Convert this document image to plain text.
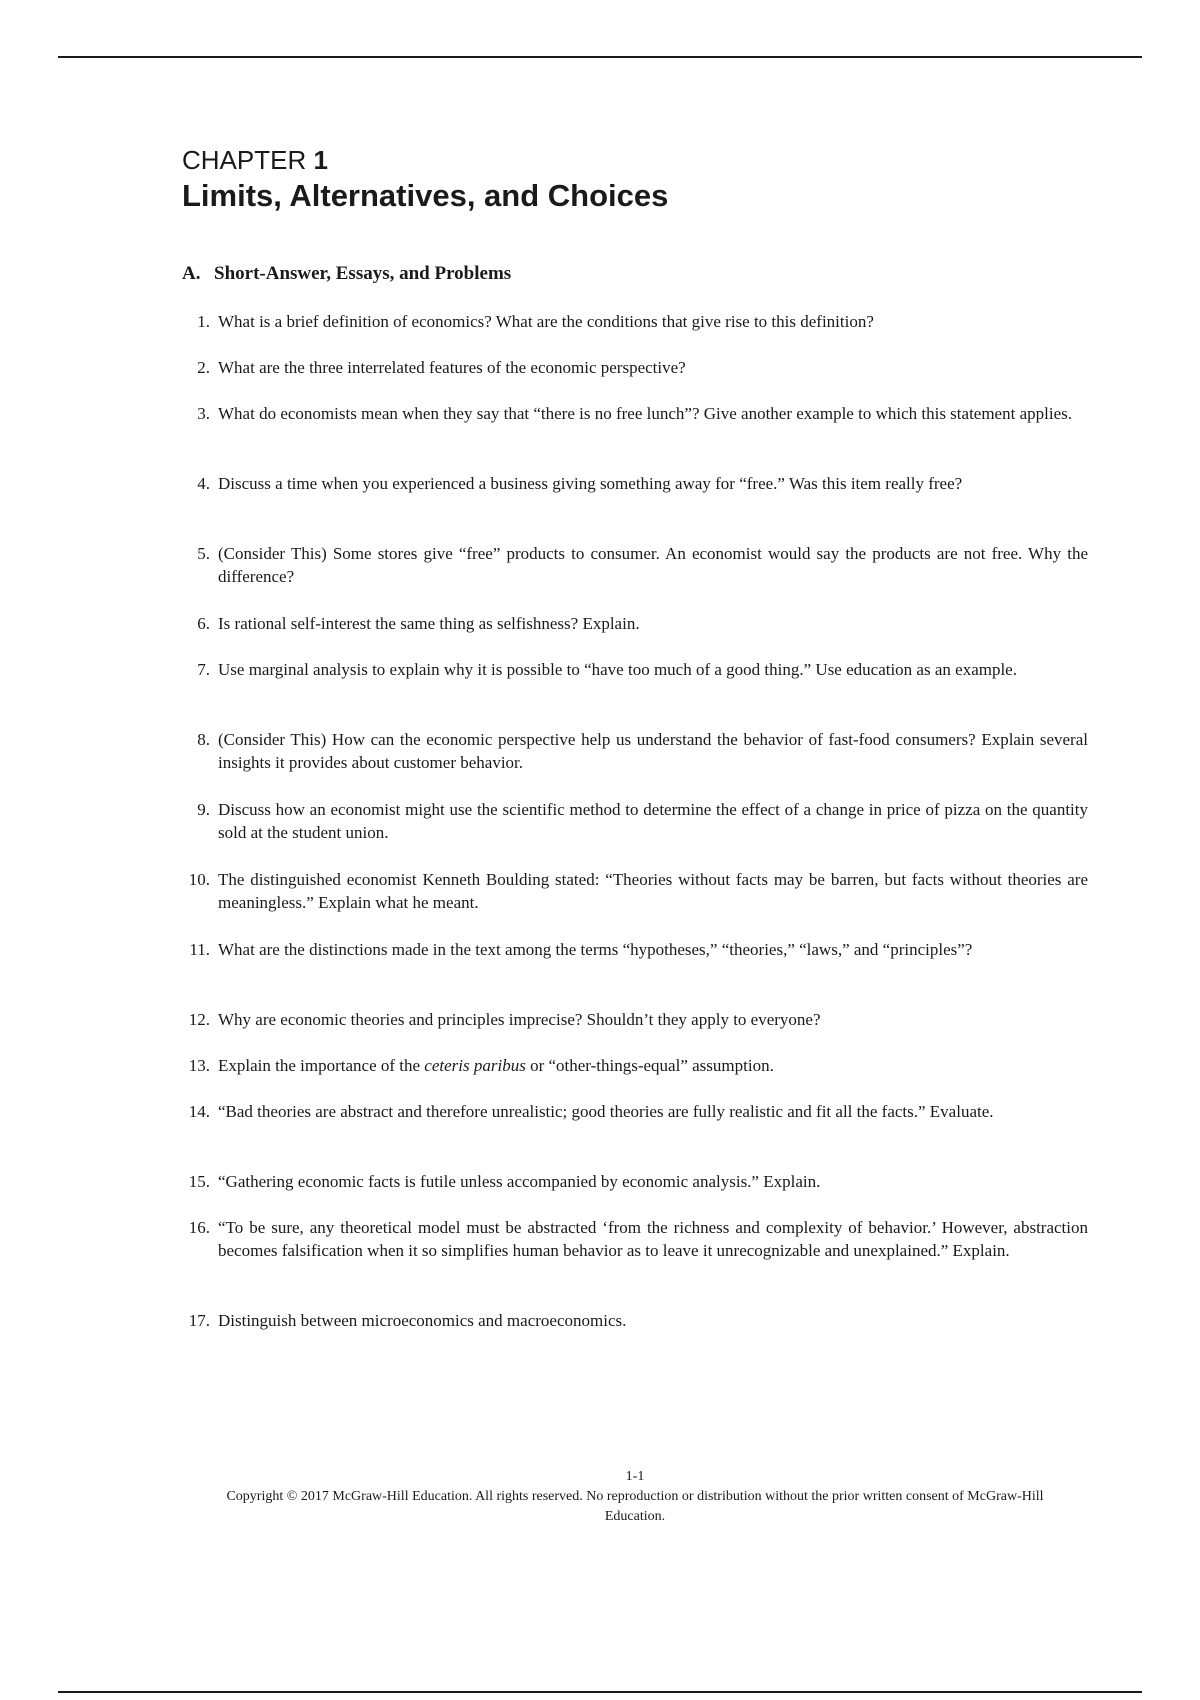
CHAPTER 1
Limits, Alternatives, and Choices
A. Short-Answer, Essays, and Problems
1. What is a brief definition of economics? What are the conditions that give rise to this definition?
2. What are the three interrelated features of the economic perspective?
3. What do economists mean when they say that “there is no free lunch”? Give another example to which this statement applies.
4. Discuss a time when you experienced a business giving something away for “free.” Was this item really free?
5. (Consider This) Some stores give “free” products to consumer. An economist would say the products are not free. Why the difference?
6. Is rational self-interest the same thing as selfishness? Explain.
7. Use marginal analysis to explain why it is possible to “have too much of a good thing.” Use education as an example.
8. (Consider This) How can the economic perspective help us understand the behavior of fast-food consumers? Explain several insights it provides about customer behavior.
9. Discuss how an economist might use the scientific method to determine the effect of a change in price of pizza on the quantity sold at the student union.
10. The distinguished economist Kenneth Boulding stated: “Theories without facts may be barren, but facts without theories are meaningless.” Explain what he meant.
11. What are the distinctions made in the text among the terms “hypotheses,” “theories,” “laws,” and “principles”?
12. Why are economic theories and principles imprecise? Shouldn’t they apply to everyone?
13. Explain the importance of the ceteris paribus or “other-things-equal” assumption.
14. “Bad theories are abstract and therefore unrealistic; good theories are fully realistic and fit all the facts.” Evaluate.
15. “Gathering economic facts is futile unless accompanied by economic analysis.” Explain.
16. “To be sure, any theoretical model must be abstracted ‘from the richness and complexity of behavior.’ However, abstraction becomes falsification when it so simplifies human behavior as to leave it unrecognizable and unexplained.” Explain.
17. Distinguish between microeconomics and macroeconomics.
1-1
Copyright © 2017 McGraw-Hill Education. All rights reserved. No reproduction or distribution without the prior written consent of McGraw-Hill Education.
